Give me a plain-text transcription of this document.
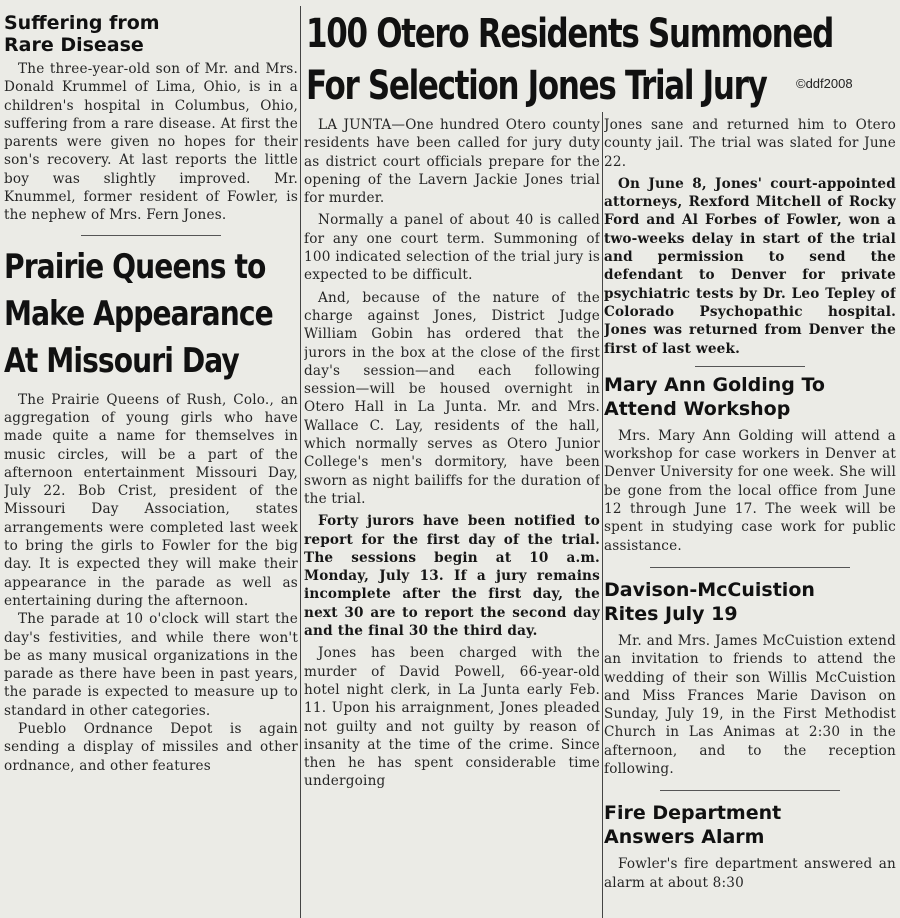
100 Otero Residents Summoned
For Selection Jones Trial Jury ©ddf2008
Suffering from Rare Disease

The three-year-old son of Mr. and Mrs. Donald Krummel of Lima, Ohio, is in a children's hospital in Columbus, Ohio, suffering from a rare disease. At first the parents were given no hopes for their son's recovery. At last reports the little boy was slightly improved. Mr. Knummel, former resident of Fowler, is the nephew of Mrs. Fern Jones.

Prairie Queens to
Make Appearance
At Missouri Day

The Prairie Queens of Rush, Colo., an aggregation of young girls who have made quite a name for themselves in music circles, will be a part of the afternoon entertainment Missouri Day, July 22. Bob Crist, president of the Missouri Day Association, states arrangements were completed last week to bring the girls to Fowler for the big day. It is expected they will make their appearance in the parade as well as entertaining during the afternoon.

The parade at 10 o'clock will start the day's festivities, and while there won't be as many musical organizations in the parade as there have been in past years, the parade is expected to measure up to standard in other categories.

Pueblo Ordnance Depot is again sending a display of missiles and other ordnance, and other features

LA JUNTA—One hundred Otero county residents have been called for jury duty as district court officials prepare for the opening of the Lavern Jackie Jones trial for murder.

Normally a panel of about 40 is called for any one court term. Summoning of 100 indicated selection of the trial jury is expected to be difficult.

And, because of the nature of the charge against Jones, District Judge William Gobin has ordered that the jurors in the box at the close of the first day's session—and each following session—will be housed overnight in Otero Hall in La Junta. Mr. and Mrs. Wallace C. Lay, residents of the hall, which normally serves as Otero Junior College's men's dormitory, have been sworn as night bailiffs for the duration of the trial.

Forty jurors have been notified to report for the first day of the trial. The sessions begin at 10 a.m. Monday, July 13. If a jury remains incomplete after the first day, the next 30 are to report the second day and the final 30 the third day.

Jones has been charged with the murder of David Powell, 66-year-old hotel night clerk, in La Junta early Feb. 11. Upon his arraignment, Jones pleaded not guilty and not guilty by reason of insanity at the time of the crime. Since then he has spent considerable time undergoing

Jones sane and returned him to Otero county jail. The trial was slated for June 22.

On June 8, Jones' court-appointed attorneys, Rexford Mitchell of Rocky Ford and Al Forbes of Fowler, won a two-weeks delay in start of the trial and permission to send the defendant to Denver for private psychiatric tests by Dr. Leo Tepley of Colorado Psychopathic hospital. Jones was returned from Denver the first of last week.

Mary Ann Golding To Attend Workshop

Mrs. Mary Ann Golding will attend a workshop for case workers in Denver at Denver University for one week. She will be gone from the local office from June 12 through June 17. The week will be spent in studying case work for public assistance.

Davison-McCuistion Rites July 19

Mr. and Mrs. James McCuistion extend an invitation to friends to attend the wedding of their son Willis McCuistion and Miss Frances Marie Davison on Sunday, July 19, in the First Methodist Church in Las Animas at 2:30 in the afternoon, and to the reception following.

Fire Department Answers Alarm

Fowler's fire department answered an alarm at about 8:30
